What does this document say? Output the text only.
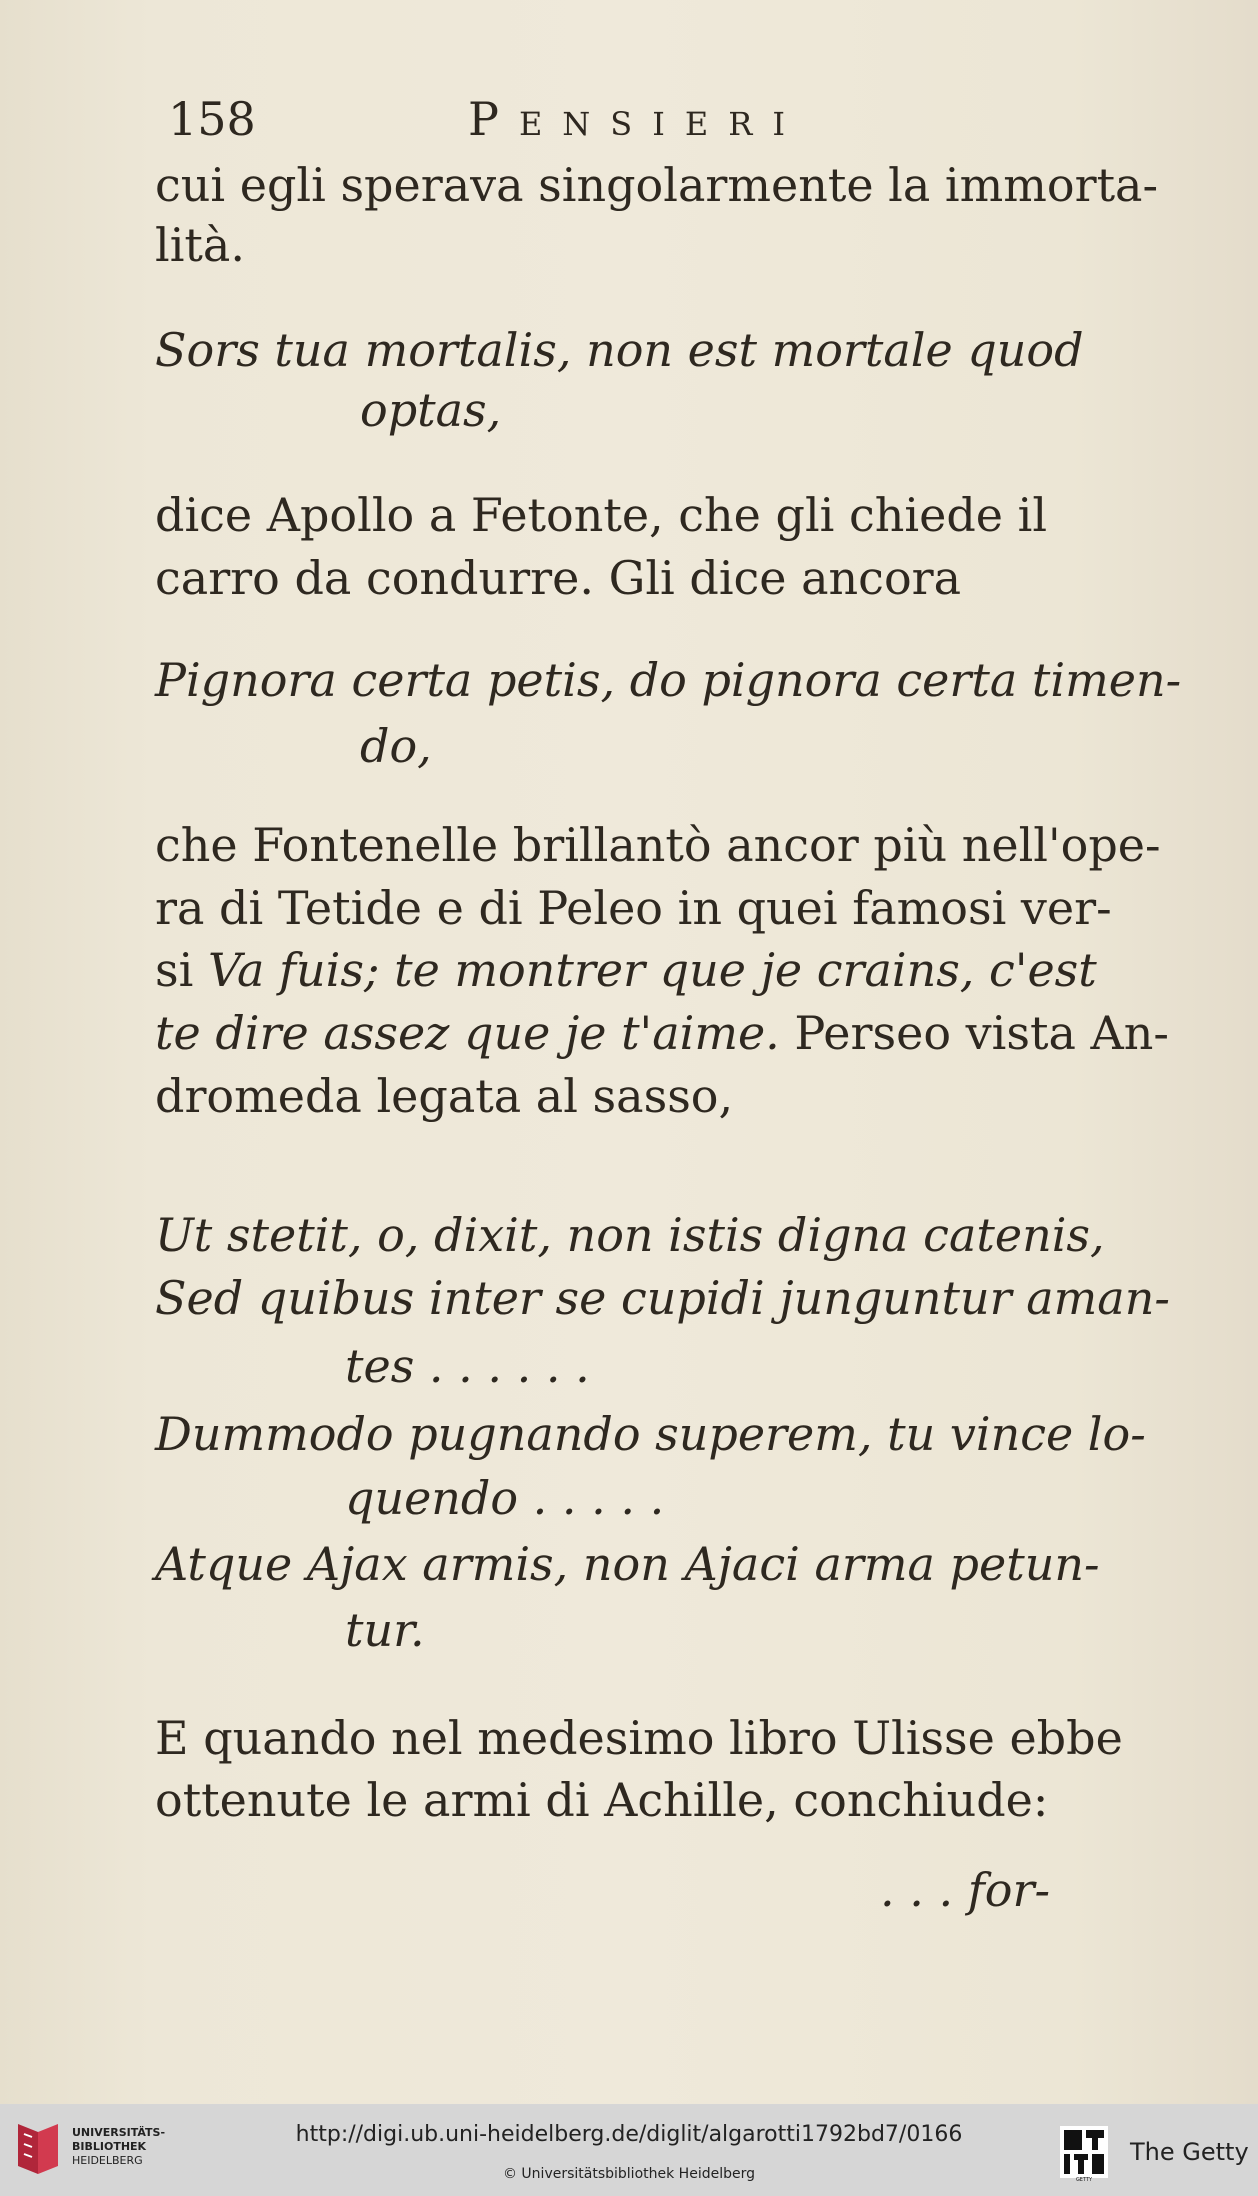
158	Pensieri
cui egli sperava singolarmente la immorta-
lità.
Sors tua mortalis, non est mortale quod
optas,
dice Apollo a Fetonte, che gli chiede il
carro da condurre. Gli dice ancora
Pignora certa petis, do pignora certa timen-
do,
che Fontenelle brillantò ancor più nell'ope-
ra di Tetide e di Peleo in quei famosi ver-
si Va fuis; te montrer que je crains, c'est
te dire assez que je t'aime. Perseo vista An-
dromeda legata al sasso,
Ut stetit, o, dixit, non istis digna catenis,
Sed quibus inter se cupidi junguntur aman-
tes . . . . . .
Dummodo pugnando superem, tu vince lo-
quendo . . . . .
Atque Ajax armis, non Ajaci arma petun-
tur.
E quando nel medesimo libro Ulisse ebbe
ottenute le armi di Achille, conchiude:
. . . for-
UNIVERSITÄTS-
BIBLIOTHEK
HEIDELBERG
http://digi.ub.uni-heidelberg.de/diglit/algarotti1792bd7/0166
© Universitätsbibliothek Heidelberg	GETTY
The Getty
